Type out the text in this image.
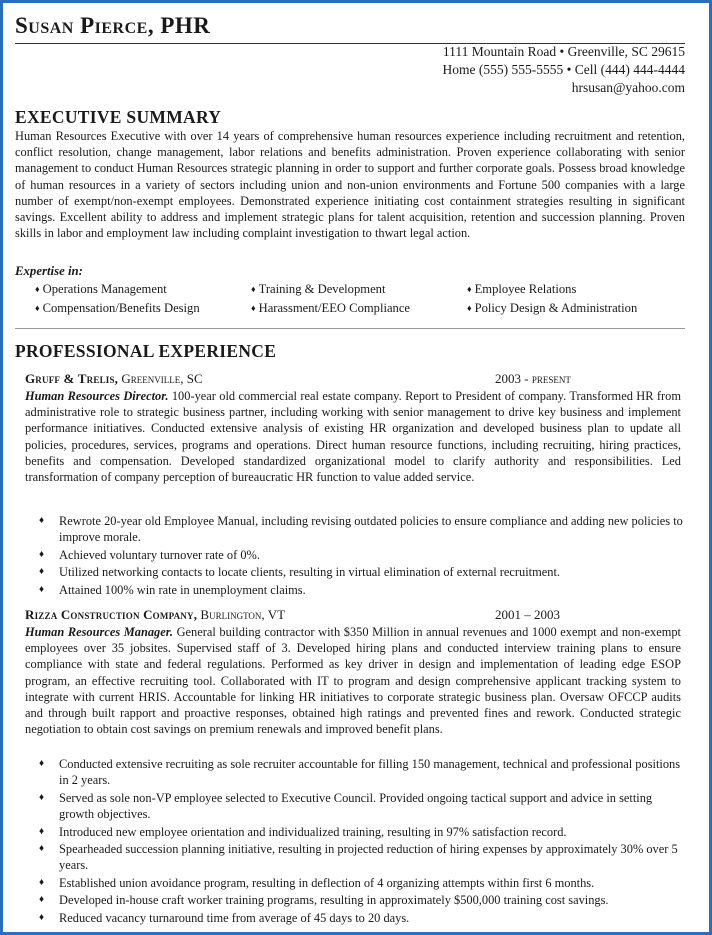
Susan Pierce, PHR
1111 Mountain Road • Greenville, SC 29615
Home (555) 555-5555 • Cell (444) 444-4444
hrsusan@yahoo.com
EXECUTIVE SUMMARY
Human Resources Executive with over 14 years of comprehensive human resources experience including recruitment and retention, conflict resolution, change management, labor relations and benefits administration. Proven experience collaborating with senior management to conduct Human Resources strategic planning in order to support and further corporate goals. Possess broad knowledge of human resources in a variety of sectors including union and non-union environments and Fortune 500 companies with a large number of exempt/non-exempt employees. Demonstrated experience initiating cost containment strategies resulting in significant savings. Excellent ability to address and implement strategic plans for talent acquisition, retention and succession planning. Proven skills in labor and employment law including complaint investigation to thwart legal action.
Expertise in:
♦ Operations Management	♦ Training & Development	♦ Employee Relations
♦ Compensation/Benefits Design	♦ Harassment/EEO Compliance	♦ Policy Design & Administration
PROFESSIONAL EXPERIENCE
Gruff & Trelis, Greenville, SC	2003 - present
Human Resources Director. 100-year old commercial real estate company. Report to President of company. Transformed HR from administrative role to strategic business partner, including working with senior management to drive key business and implement performance initiatives. Conducted extensive analysis of existing HR organization and developed business plan to update all policies, procedures, services, programs and operations. Direct human resource functions, including recruiting, hiring practices, benefits and compensation. Developed standardized organizational model to clarify authority and responsibilities. Led transformation of company perception of bureaucratic HR function to value added service.
♦ Rewrote 20-year old Employee Manual, including revising outdated policies to ensure compliance and adding new policies to improve morale.
♦ Achieved voluntary turnover rate of 0%.
♦ Utilized networking contacts to locate clients, resulting in virtual elimination of external recruitment.
♦ Attained 100% win rate in unemployment claims.
Rizza Construction Company, Burlington, VT	2001 – 2003
Human Resources Manager. General building contractor with $350 Million in annual revenues and 1000 exempt and non-exempt employees over 35 jobsites. Supervised staff of 3. Developed hiring plans and conducted interview training plans to ensure compliance with state and federal regulations. Performed as key driver in design and implementation of leading edge ESOP program, an effective recruiting tool. Collaborated with IT to program and design comprehensive applicant tracking system to integrate with current HRIS. Accountable for linking HR initiatives to corporate strategic business plan. Oversaw OFCCP audits and through built rapport and proactive responses, obtained high ratings and prevented fines and rework. Conducted strategic negotiation to obtain cost savings on premium renewals and improved benefit plans.
♦ Conducted extensive recruiting as sole recruiter accountable for filling 150 management, technical and professional positions in 2 years.
♦ Served as sole non-VP employee selected to Executive Council. Provided ongoing tactical support and advice in setting growth objectives.
♦ Introduced new employee orientation and individualized training, resulting in 97% satisfaction record.
♦ Spearheaded succession planning initiative, resulting in projected reduction of hiring expenses by approximately 30% over 5 years.
♦ Established union avoidance program, resulting in deflection of 4 organizing attempts within first 6 months.
♦ Developed in-house craft worker training programs, resulting in approximately $500,000 training cost savings.
♦ Reduced vacancy turnaround time from average of 45 days to 20 days.
